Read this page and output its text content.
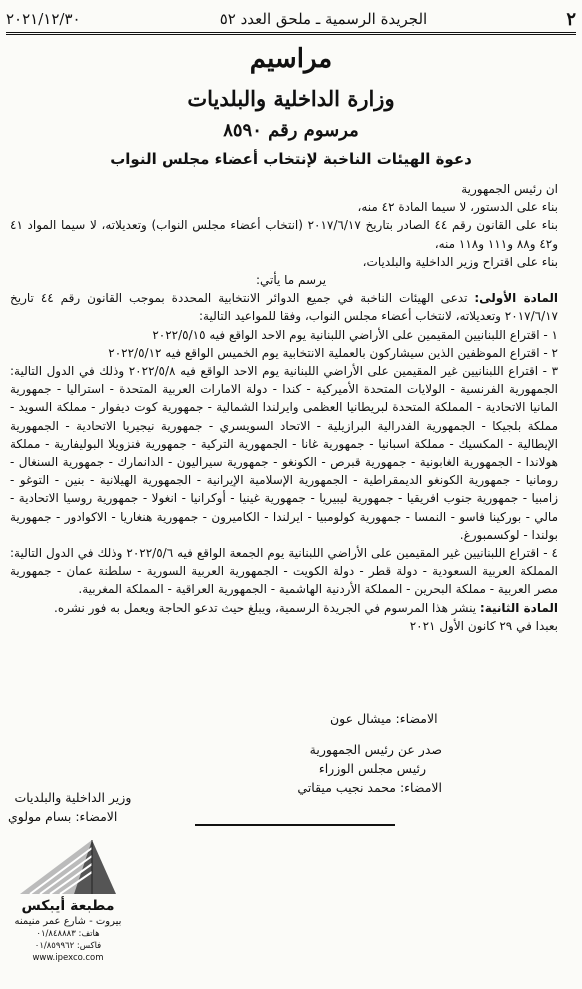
٢
الجريدة الرسمية ـ ملحق العدد ٥٢
٢٠٢١/١٢/٣٠
مراسيم
وزارة الداخلية والبلديات
مرسوم رقم ٨٥٩٠
دعوة الهيئات الناخبة لإنتخاب أعضاء مجلس النواب

ان رئيس الجمهورية

بناء على الدستور، لا سيما المادة ٤٢ منه،

بناء على القانون رقم ٤٤ الصادر بتاريخ ٢٠١٧/٦/١٧ (انتخاب أعضاء مجلس النواب) وتعديلاته، لا سيما المواد ٤١ و٤٢ و٨٨ و١١١ و١١٨ منه،

بناء على اقتراح وزير الداخلية والبلديات،

يرسم ما يأتي:

المادة الأولى: تدعى الهيئات الناخبة في جميع الدوائر الانتخابية المحددة بموجب القانون رقم ٤٤ تاريخ ٢٠١٧/٦/١٧ وتعديلاته، لانتخاب أعضاء مجلس النواب، وفقا للمواعيد التالية:

١ - اقتراع اللبنانيين المقيمين على الأراضي اللبنانية يوم الاحد الواقع فيه ٢٠٢٢/٥/١٥

٢ - اقتراع الموظفين الذين سيشاركون بالعملية الانتخابية يوم الخميس الواقع فيه ٢٠٢٢/٥/١٢

٣ - اقتراع اللبنانيين غير المقيمين على الأراضي اللبنانية يوم الاحد الواقع فيه ٢٠٢٢/٥/٨ وذلك في الدول التالية: الجمهورية الفرنسية - الولايات المتحدة الأميركية - كندا - دولة الامارات العربية المتحدة - استراليا - جمهورية المانيا الاتحادية - المملكة المتحدة لبريطانيا العظمى وايرلندا الشمالية - جمهورية كوت ديفوار - مملكة السويد - مملكة بلجيكا - الجمهورية الفدرالية البرازيلية - الاتحاد السويسري - جمهورية نيجيريا الاتحادية - الجمهورية الإيطالية - المكسيك - مملكة اسبانيا - جمهورية غانا - الجمهورية التركية - جمهورية فنزويلا البوليفارية - مملكة هولاندا - الجمهورية الغابونية - جمهورية قبرص - الكونغو - جمهورية سيراليون - الدانمارك - جمهورية السنغال - رومانيا - جمهورية الكونغو الديمقراطية - الجمهورية الإسلامية الإيرانية - الجمهورية الهيلانية - بنين - التوغو - زامبيا - جمهورية جنوب افريقيا - جمهورية ليبيريا - جمهورية غينيا - أوكرانيا - انغولا - جمهورية روسيا الاتحادية - مالي - بوركينا فاسو - النمسا - جمهورية كولومبيا - ايرلندا - الكاميرون - جمهورية هنغاريا - الاكوادور - جمهورية بولندا - لوكسمبورغ.

٤ - اقتراع اللبنانيين غير المقيمين على الأراضي اللبنانية يوم الجمعة الواقع فيه ٢٠٢٢/٥/٦ وذلك في الدول التالية: المملكة العربية السعودية - دولة قطر - دولة الكويت - الجمهورية العربية السورية - سلطنة عمان - جمهورية مصر العربية - مملكة البحرين - المملكة الأردنية الهاشمية - الجمهورية العراقية - المملكة المغربية.

المادة الثانية: ينشر هذا المرسوم في الجريدة الرسمية، ويبلغ حيث تدعو الحاجة ويعمل به فور نشره.

بعبدا في ٢٩ كانون الأول ٢٠٢١

الامضاء: ميشال عون

صدر عن رئيس الجمهورية

رئيس مجلس الوزراء

الامضاء: محمد نجيب ميقاتي

وزير الداخلية والبلديات

الامضاء: بسام مولوي

مطبعة أيبكس
بيروت - شارع عمر منيمنه
هاتف: ٠١/٨٤٨٨٨٣
فاكس: ٠١/٨٥٩٩٦٢
www.ipexco.com
